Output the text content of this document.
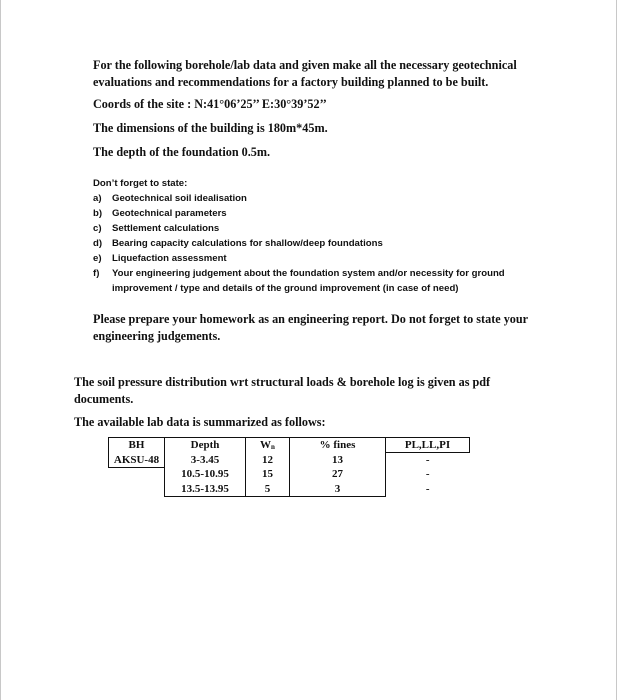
For the following borehole/lab data and given make all the necessary geotechnical evaluations and recommendations for a factory building planned to be built.

Coords of the site : N:41°06’25’’ E:30°39’52’’

The dimensions of the building is 180m*45m.

The depth of the foundation 0.5m.

Don’t forget to state:
a) Geotechnical soil idealisation
b) Geotechnical parameters
c) Settlement calculations
d) Bearing capacity calculations for shallow/deep foundations
e) Liquefaction assessment
f) Your engineering judgement about the foundation system and/or necessity for ground improvement / type and details of the ground improvement (in case of need)

Please prepare your homework as an engineering report. Do not forget to state your engineering judgements.

The soil pressure distribution wrt structural loads & borehole log is given as pdf documents.

The available lab data is summarized as follows:

BH	Depth	$W_n$	% fines	PL,LL,PI
AKSU-48	3-3.45	12	13	-
	10.5-10.95	15	27	-
	13.5-13.95	5	3	-
